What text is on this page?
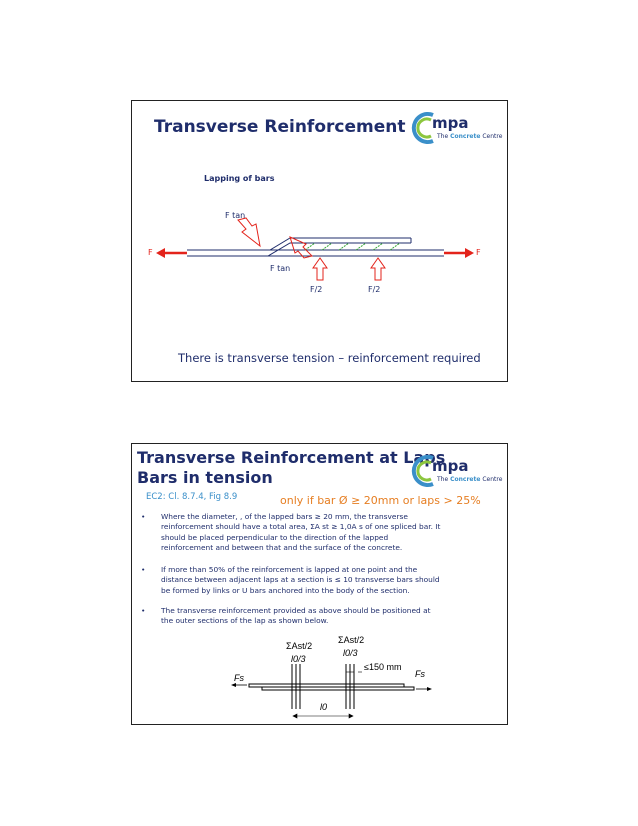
Transverse Reinforcement mpa
The Concrete Centre
Lapping of bars
F	F
F tan
F tan
F/2	F/2
There is transverse tension – reinforcement required
Transverse Reinforcement at Laps
Bars in tension
mpa
The Concrete Centre
EC2: Cl. 8.7.4, Fig 8.9	only if bar Ø ≥ 20mm or laps > 25%
• Where the diameter, , of the lapped bars ≥ 20 mm, the transverse
reinforcement should have a total area, ΣA st ≥ 1,0A s of one spliced bar. It
should be placed perpendicular to the direction of the lapped
reinforcement and between that and the surface of the concrete.
• If more than 50% of the reinforcement is lapped at one point and the
distance between adjacent laps at a section is ≤ 10 transverse bars should
be formed by links or U bars anchored into the body of the section.
• The transverse reinforcement provided as above should be positioned at
the outer sections of the lap as shown below.
ΣAst/2
l0/3
ΣAst/2
l0/3
≤150 mm
Fs	Fs
l0
